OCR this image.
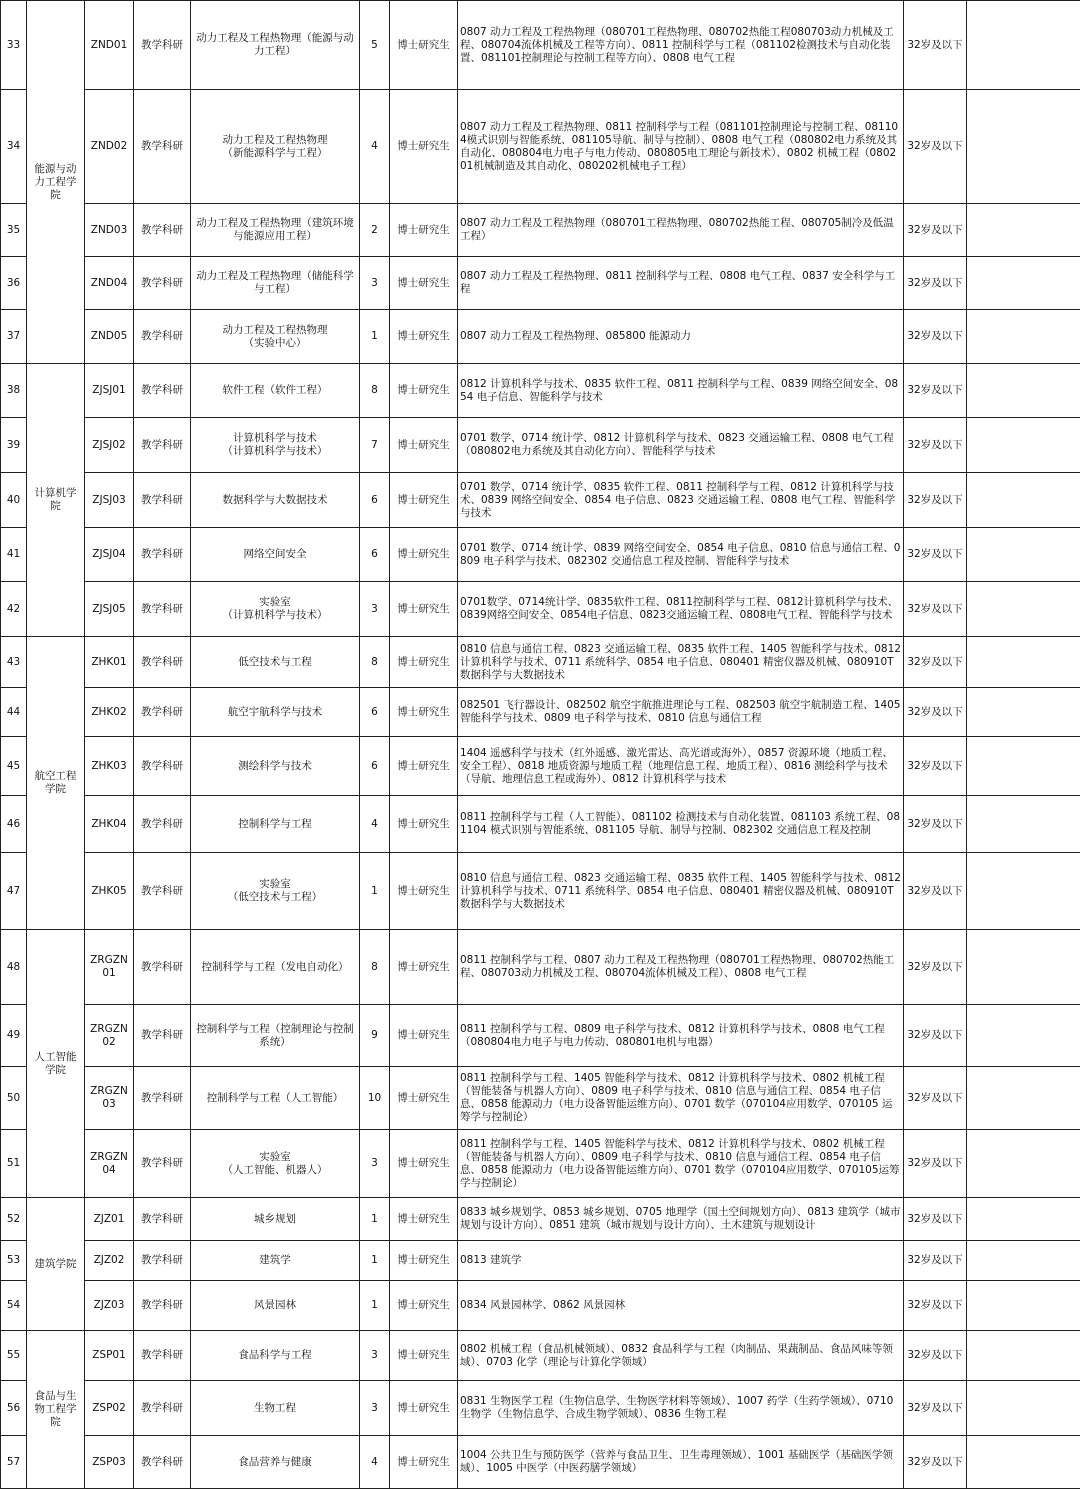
33	能源与动力工程学院	ZND01	教学科研	动力工程及工程热物理（能源与动
力工程）	5	博士研究生	0807 动力工程及工程热物理（080701工程热物理、080702热能工程080703动力机械及工程、080704流体机械及工程等方向）、0811 控制科学与工程（081102检测技术与自动化装置、081101控制理论与控制工程等方向）、0808 电气工程	32岁及以下	
34		ZND02	教学科研	动力工程及工程热物理
（新能源科学与工程）	4	博士研究生	0807 动力工程及工程热物理、0811 控制科学与工程（081101控制理论与控制工程、081104模式识别与智能系统、081105导航、制导与控制）、0808 电气工程（080802电力系统及其自动化、080804电力电子与电力传动、080805电工理论与新技术）、0802 机械工程（080201机械制造及其自动化、080202机械电子工程）	32岁及以下	
35		ZND03	教学科研	动力工程及工程热物理（建筑环境
与能源应用工程）	2	博士研究生	0807 动力工程及工程热物理（080701工程热物理、080702热能工程、080705制冷及低温工程）	32岁及以下	
36		ZND04	教学科研	动力工程及工程热物理（储能科学
与工程）	3	博士研究生	0807 动力工程及工程热物理、0811 控制科学与工程、0808 电气工程、0837 安全科学与工程	32岁及以下	
37		ZND05	教学科研	动力工程及工程热物理
（实验中心）	1	博士研究生	0807 动力工程及工程热物理、085800 能源动力	32岁及以下	
38	计算机学院	ZJSJ01	教学科研	软件工程（软件工程）	8	博士研究生	0812 计算机科学与技术、0835 软件工程、0811 控制科学与工程、0839 网络空间安全、0854 电子信息、智能科学与技术	32岁及以下	
39		ZJSJ02	教学科研	计算机科学与技术
（计算机科学与技术）	7	博士研究生	0701 数学、0714 统计学、0812 计算机科学与技术、0823 交通运输工程、0808 电气工程（080802电力系统及其自动化方向）、智能科学与技术	32岁及以下	
40		ZJSJ03	教学科研	数据科学与大数据技术	6	博士研究生	0701 数学、0714 统计学、0835 软件工程、0811 控制科学与工程、0812 计算机科学与技术、0839 网络空间安全、0854 电子信息、0823 交通运输工程、0808 电气工程、智能科学与技术	32岁及以下	
41		ZJSJ04	教学科研	网络空间安全	6	博士研究生	0701 数学、0714 统计学、0839 网络空间安全、0854 电子信息、0810 信息与通信工程、0809 电子科学与技术、082302 交通信息工程及控制、智能科学与技术	32岁及以下	
42		ZJSJ05	教学科研	实验室
（计算机科学与技术）	3	博士研究生	0701数学、0714统计学、0835软件工程、0811控制科学与工程、0812计算机科学与技术、0839网络空间安全、0854电子信息、0823交通运输工程、0808电气工程、智能科学与技术	32岁及以下	
43	航空工程学院	ZHK01	教学科研	低空技术与工程	8	博士研究生	0810 信息与通信工程、0823 交通运输工程、0835 软件工程、1405 智能科学与技术、0812 计算机科学与技术、0711 系统科学、0854 电子信息、080401 精密仪器及机械、080910T 数据科学与大数据技术	32岁及以下	
44		ZHK02	教学科研	航空宇航科学与技术	6	博士研究生	082501 飞行器设计、082502 航空宇航推进理论与工程、082503 航空宇航制造工程、1405 智能科学与技术、0809 电子科学与技术、0810 信息与通信工程	32岁及以下	
45		ZHK03	教学科研	测绘科学与技术	6	博士研究生	1404 遥感科学与技术（红外遥感、激光雷达、高光谱或海外）、0857 资源环境（地质工程、安全工程）、0818 地质资源与地质工程（地理信息工程、地质工程）、0816 测绘科学与技术（导航、地理信息工程或海外）、0812 计算机科学与技术	32岁及以下	
46		ZHK04	教学科研	控制科学与工程	4	博士研究生	0811 控制科学与工程（人工智能）、081102 检测技术与自动化装置、081103 系统工程、081104 模式识别与智能系统、081105 导航、制导与控制、082302 交通信息工程及控制	32岁及以下	
47		ZHK05	教学科研	实验室
（低空技术与工程）	1	博士研究生	0810 信息与通信工程、0823 交通运输工程、0835 软件工程、1405 智能科学与技术、0812 计算机科学与技术、0711 系统科学、0854 电子信息、080401 精密仪器及机械、080910T 数据科学与大数据技术	32岁及以下	
48	人工智能学院	ZRGZN01	教学科研	控制科学与工程（发电自动化）	8	博士研究生	0811 控制科学与工程、0807 动力工程及工程热物理（080701工程热物理、080702热能工程、080703动力机械及工程、080704流体机械及工程）、0808 电气工程	32岁及以下	
49		ZRGZN02	教学科研	控制科学与工程（控制理论与控制
系统）	9	博士研究生	0811 控制科学与工程、0809 电子科学与技术、0812 计算机科学与技术、0808 电气工程（080804电力电子与电力传动、080801电机与电器）	32岁及以下	
50		ZRGZN03	教学科研	控制科学与工程（人工智能）	10	博士研究生	0811 控制科学与工程、1405 智能科学与技术、0812 计算机科学与技术、0802 机械工程（智能装备与机器人方向）、0809 电子科学与技术、0810 信息与通信工程、0854 电子信息、0858 能源动力（电力设备智能运维方向）、0701 数学（070104应用数学、070105 运筹学与控制论）	32岁及以下	
51		ZRGZN04	教学科研	实验室
（人工智能、机器人）	3	博士研究生	0811 控制科学与工程、1405 智能科学与技术、0812 计算机科学与技术、0802 机械工程（智能装备与机器人方向）、0809 电子科学与技术、0810 信息与通信工程、0854 电子信息、0858 能源动力（电力设备智能运维方向）、0701 数学（070104应用数学、070105运筹学与控制论）	32岁及以下	
52	建筑学院	ZJZ01	教学科研	城乡规划	1	博士研究生	0833 城乡规划学、0853 城乡规划、0705 地理学（国土空间规划方向）、0813 建筑学（城市规划与设计方向）、0851 建筑（城市规划与设计方向）、土木建筑与规划设计	32岁及以下	
53		ZJZ02	教学科研	建筑学	1	博士研究生	0813 建筑学	32岁及以下	
54		ZJZ03	教学科研	风景园林	1	博士研究生	0834 风景园林学、0862 风景园林	32岁及以下	
55	食品与生物工程学院	ZSP01	教学科研	食品科学与工程	3	博士研究生	0802 机械工程（食品机械领域）、0832 食品科学与工程（肉制品、果蔬制品、食品风味等领域）、0703 化学（理论与计算化学领域）	32岁及以下	
56		ZSP02	教学科研	生物工程	3	博士研究生	0831 生物医学工程（生物信息学、生物医学材料等领域）、1007 药学（生药学领域）、0710 生物学（生物信息学、合成生物学领域）、0836 生物工程	32岁及以下	
57		ZSP03	教学科研	食品营养与健康	4	博士研究生	1004 公共卫生与预防医学（营养与食品卫生、卫生毒理领域）、1001 基础医学（基础医学领域）、1005 中医学（中医药膳学领域）	32岁及以下	
